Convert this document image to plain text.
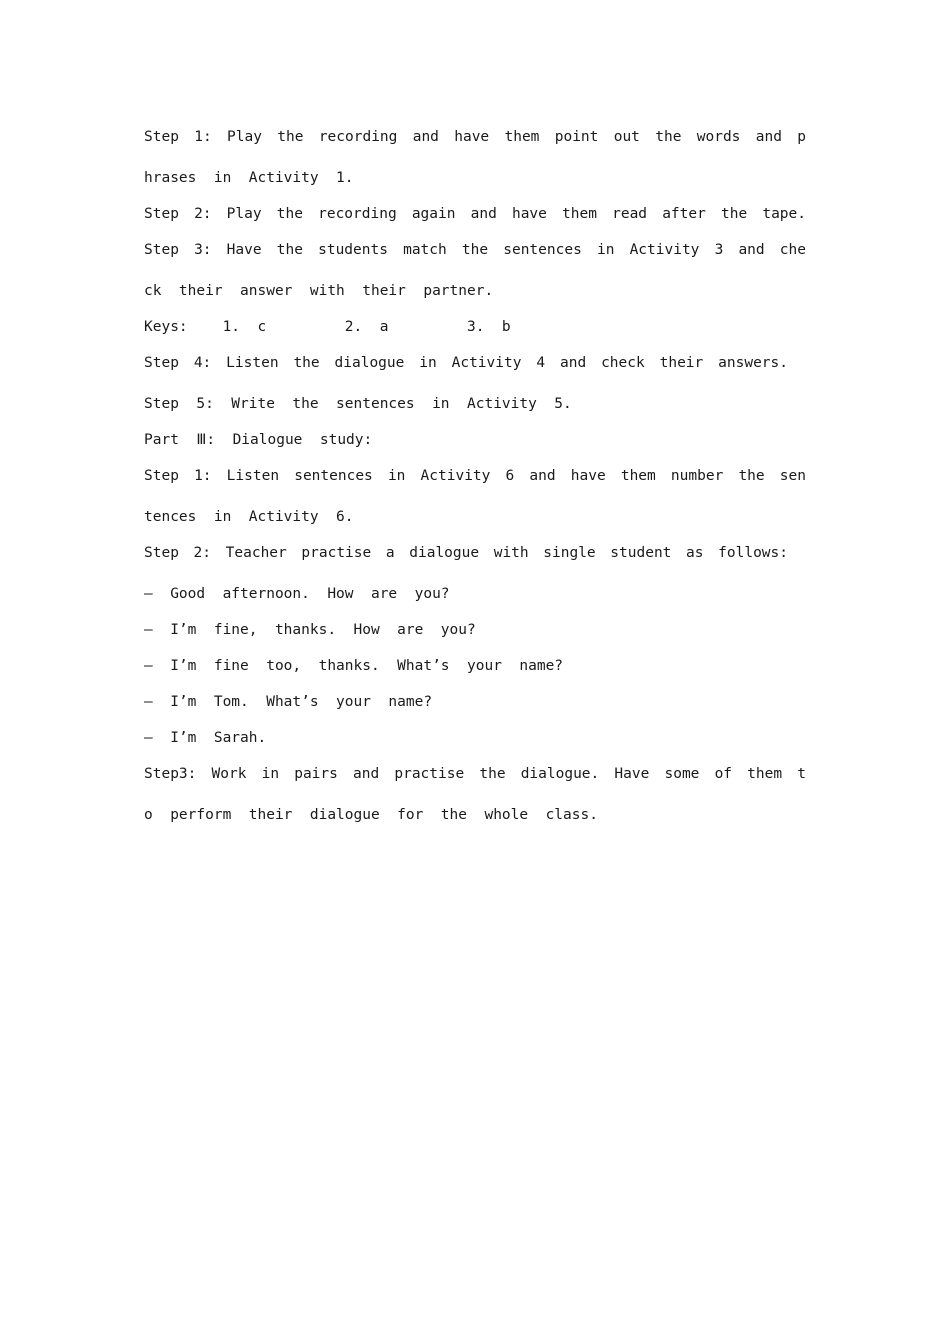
Step 1: Play the recording and have them point out the words and p
hrases  in  Activity  1.
Step 2: Play the recording again and have them read after the tape.
Step 3: Have the students match the sentences in Activity 3 and che
ck  their  answer  with  their  partner.
Keys:    1.  c         2.  a         3.  b
Step 4: Listen the dialogue in Activity 4 and check their answers.
Step  5:  Write  the  sentences  in  Activity  5.
Part  Ⅲ:  Dialogue  study:
Step 1: Listen sentences in Activity 6 and have them number the sen
tences  in  Activity  6.
Step 2: Teacher practise a dialogue with single student as follows:
—  Good  afternoon.  How  are  you?
—  I’m  fine,  thanks.  How  are  you?
—  I’m  fine  too,  thanks.  What’s  your  name?
—  I’m  Tom.  What’s  your  name?
—  I’m  Sarah.
Step3: Work in pairs and practise the dialogue. Have some of them t
o  perform  their  dialogue  for  the  whole  class.
